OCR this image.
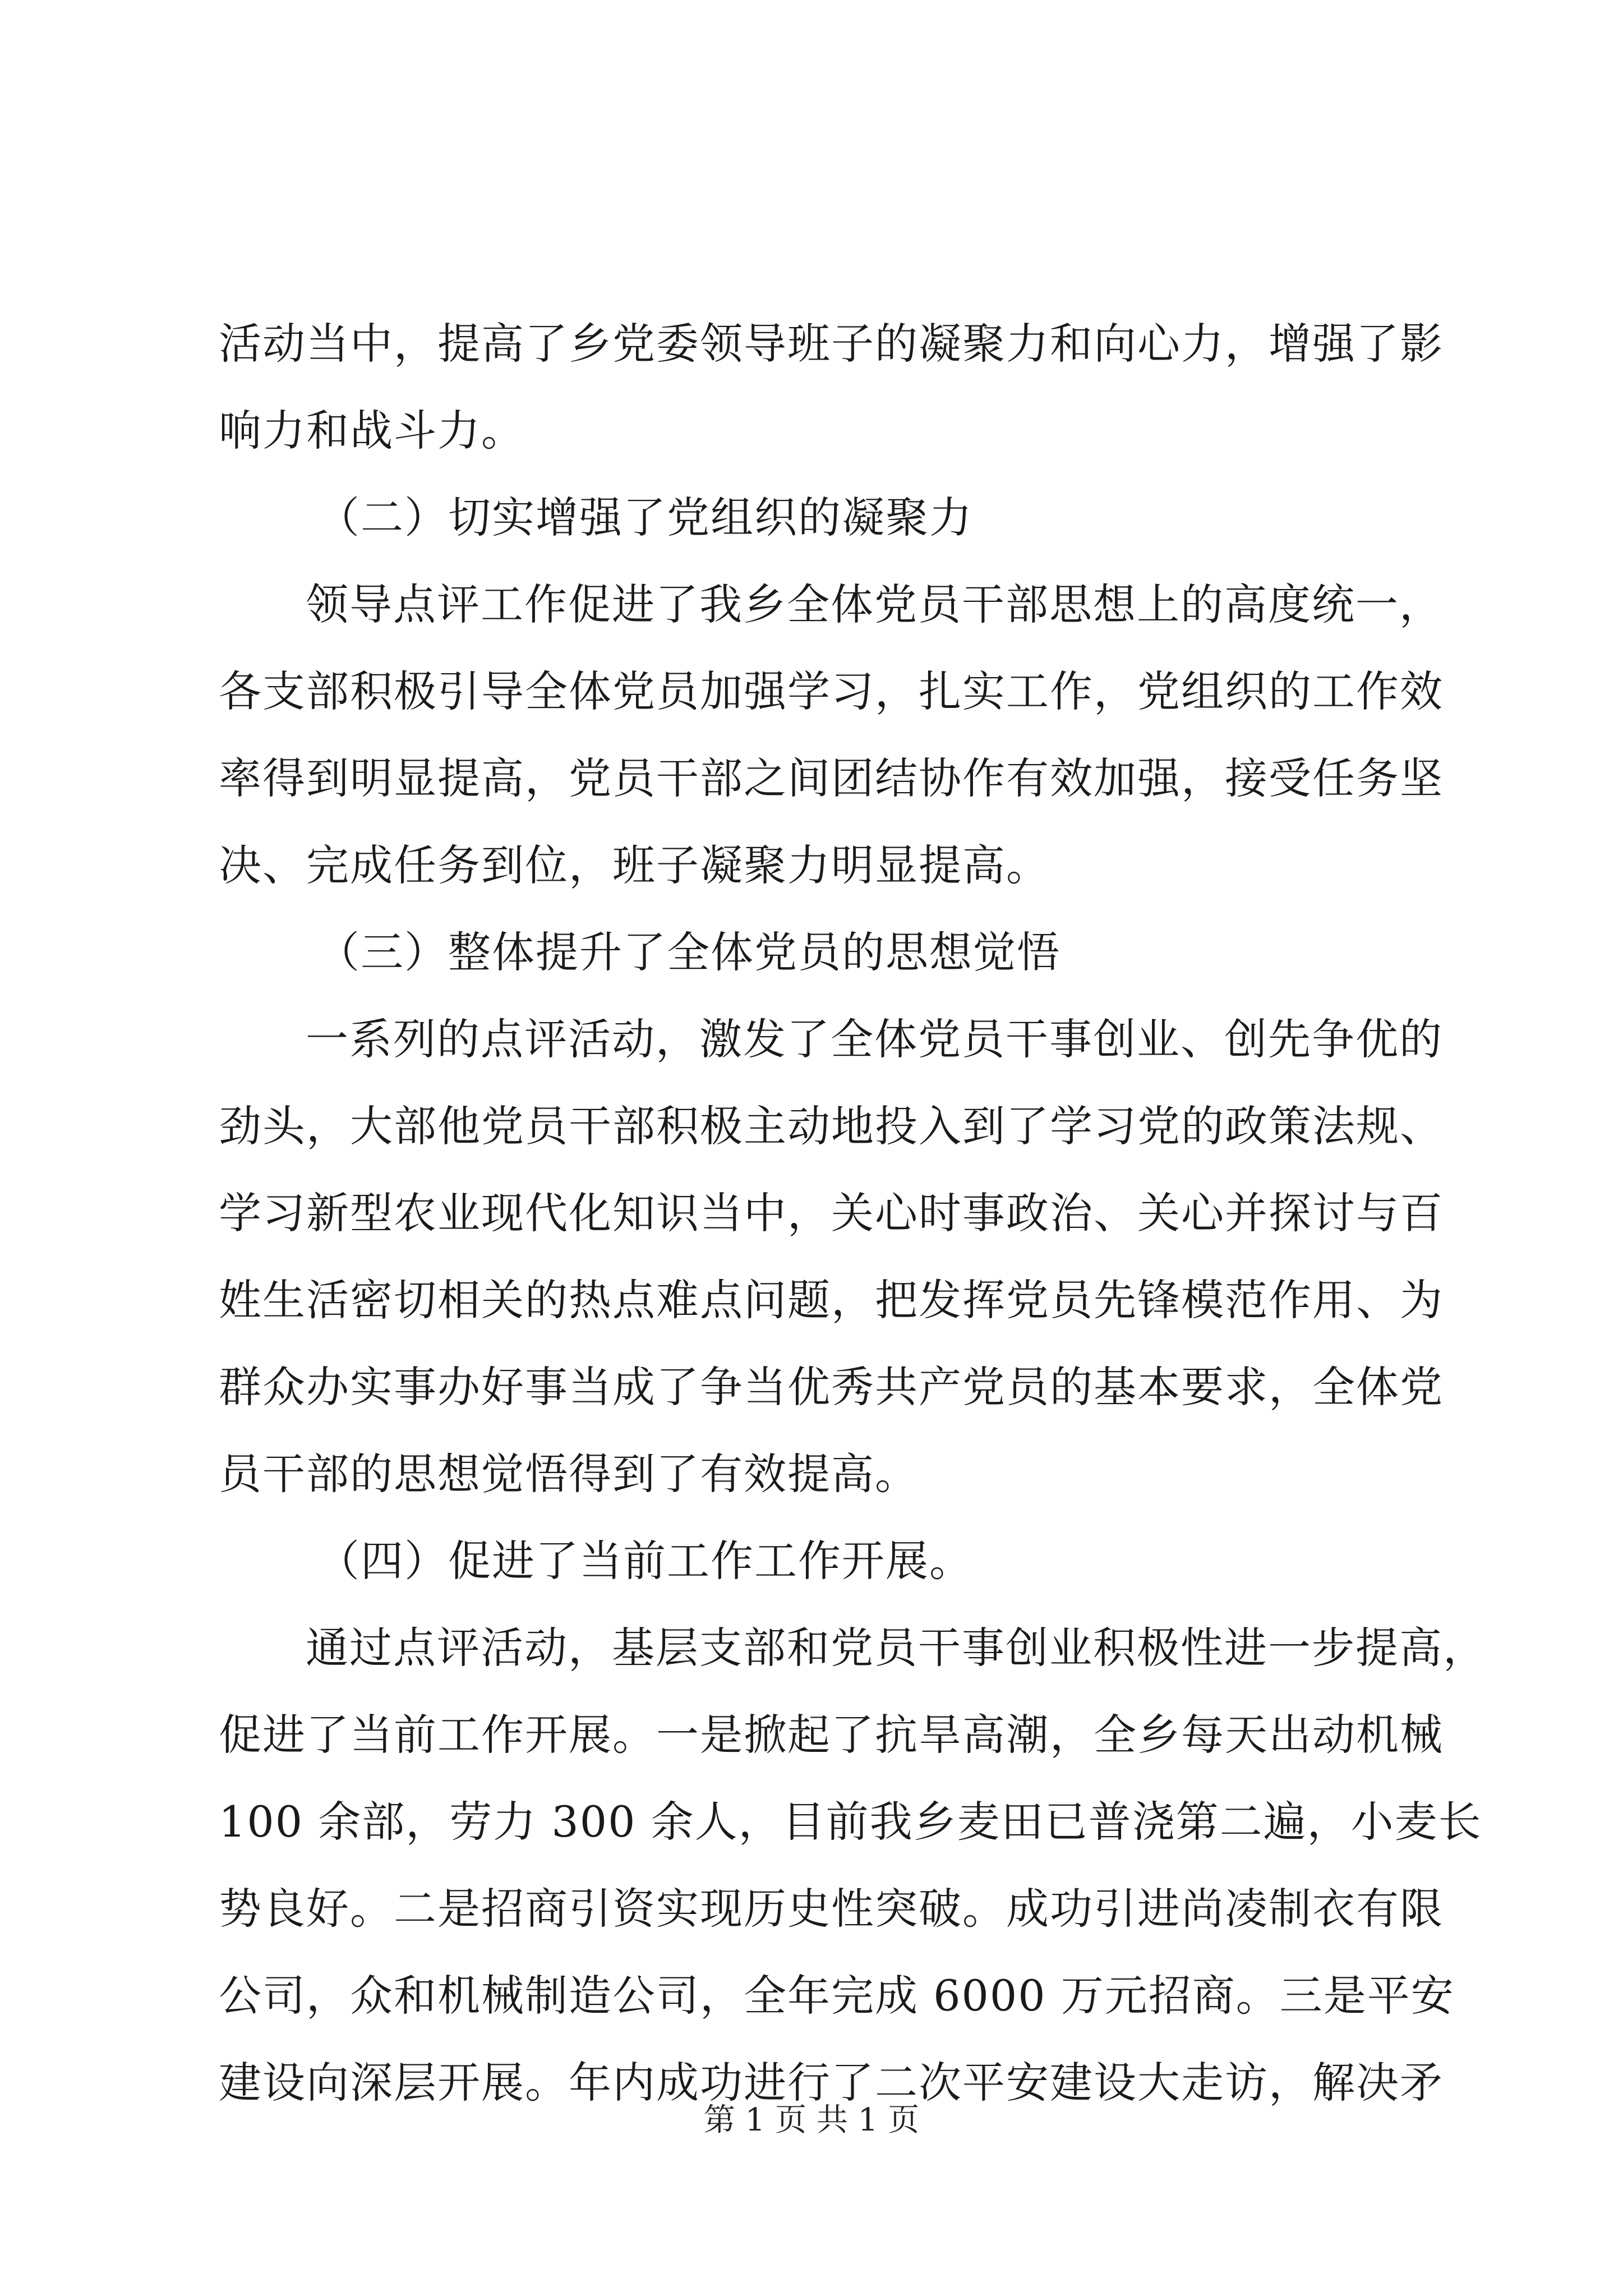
活动当中，提高了乡党委领导班子的凝聚力和向心力，增强了影
响力和战斗力。
（二）切实增强了党组织的凝聚力
领导点评工作促进了我乡全体党员干部思想上的高度统一，
各支部积极引导全体党员加强学习，扎实工作，党组织的工作效
率得到明显提高，党员干部之间团结协作有效加强，接受任务坚
决、完成任务到位，班子凝聚力明显提高。
（三）整体提升了全体党员的思想觉悟
一系列的点评活动，激发了全体党员干事创业、创先争优的
劲头，大部他党员干部积极主动地投入到了学习党的政策法规、
学习新型农业现代化知识当中，关心时事政治、关心并探讨与百
姓生活密切相关的热点难点问题，把发挥党员先锋模范作用、为
群众办实事办好事当成了争当优秀共产党员的基本要求，全体党
员干部的思想觉悟得到了有效提高。
（四）促进了当前工作工作开展。
通过点评活动，基层支部和党员干事创业积极性进一步提高，
促进了当前工作开展。一是掀起了抗旱高潮，全乡每天出动机械
100 余部，劳力 300 余人，目前我乡麦田已普浇第二遍，小麦长
势良好。二是招商引资实现历史性突破。成功引进尚凌制衣有限
公司，众和机械制造公司，全年完成 6000 万元招商。三是平安
建设向深层开展。年内成功进行了二次平安建设大走访，解决矛
第 1 页 共 1 页
